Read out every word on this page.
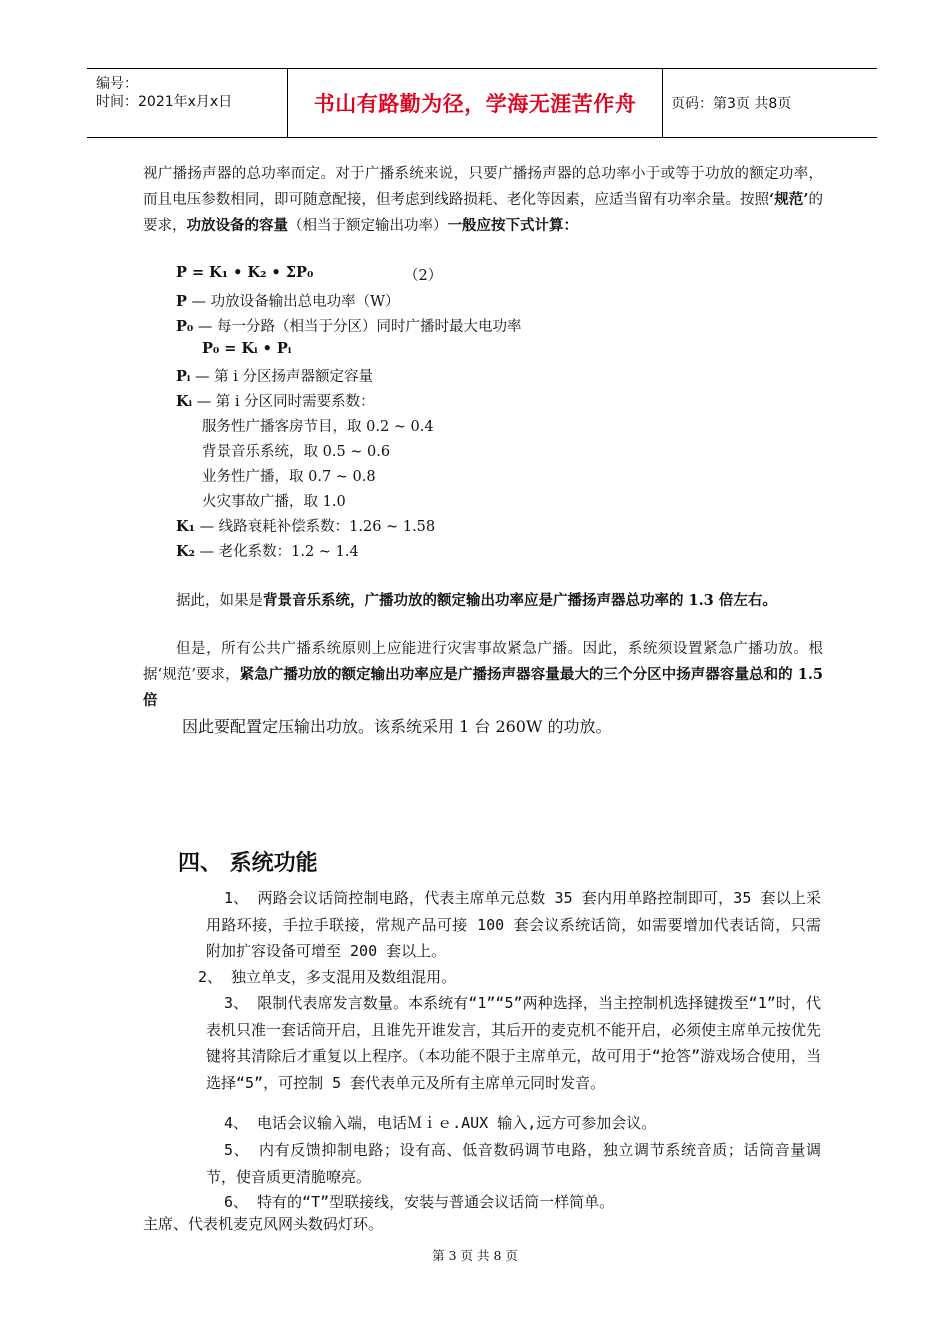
编号：
时间：2021年x月x日	书山有路勤为径，学海无涯苦作舟 页码：第3页 共8页
视广播扬声器的总功率而定。对于广播系统来说，只要广播扬声器的总功率小于或等于功放的额定功率，而且电压参数相同，即可随意配接，但考虑到线路损耗、老化等因素，应适当留有功率余量。按照‘规范’的要求，功放设备的容量（相当于额定输出功率）一般应按下式计算：
P = K₁ • K₂ • ΣP₀	（2）
P — 功放设备输出总电功率（W）
P₀ — 每一分路（相当于分区）同时广播时最大电功率
P₀ = Kᵢ • Pᵢ
Pᵢ — 第 i 分区扬声器额定容量
Kᵢ — 第 i 分区同时需要系数：
服务性广播客房节目，取 0.2 ~ 0.4
背景音乐系统，取 0.5 ~ 0.6
业务性广播，取 0.7 ~ 0.8
火灾事故广播，取 1.0
K₁ — 线路衰耗补偿系数：1.26 ~ 1.58
K₂ — 老化系数：1.2 ~ 1.4
据此，如果是背景音乐系统，广播功放的额定输出功率应是广播扬声器总功率的 1.3 倍左右。
但是，所有公共广播系统原则上应能进行灾害事故紧急广播。因此，系统须设置紧急广播功放。根据‘规范’要求，紧急广播功放的额定输出功率应是广播扬声器容量最大的三个分区中扬声器容量总和的 1.5 倍
因此要配置定压输出功放。该系统采用 1 台 260W 的功放。
四、 系统功能
1、 两路会议话筒控制电路，代表主席单元总数 35 套内用单路控制即可，35 套以上采用路环接，手拉手联接，常规产品可接 100 套会议系统话筒，如需要增加代表话筒，只需附加扩容设备可增至 200 套以上。
2、 独立单支，多支混用及数组混用。
3、 限制代表席发言数量。本系统有“1”“5”两种选择，当主控制机选择键拨至“1”时，代表机只准一套话筒开启，且谁先开谁发言，其后开的麦克机不能开启，必须使主席单元按优先键将其清除后才重复以上程序。（本功能不限于主席单元，故可用于“抢答”游戏场合使用，当选择“5”，可控制 5 套代表单元及所有主席单元同时发音。
4、 电话会议输入端，电话Ｍｉｅ.AUX 输入,远方可参加会议。
5、 内有反馈抑制电路；设有高、低音数码调节电路，独立调节系统音质；话筒音量调节，使音质更清脆嘹亮。
6、 特有的“T”型联接线，安装与普通会议话筒一样简单。
主席、代表机麦克风网头数码灯环。
第 3 页 共 8 页
